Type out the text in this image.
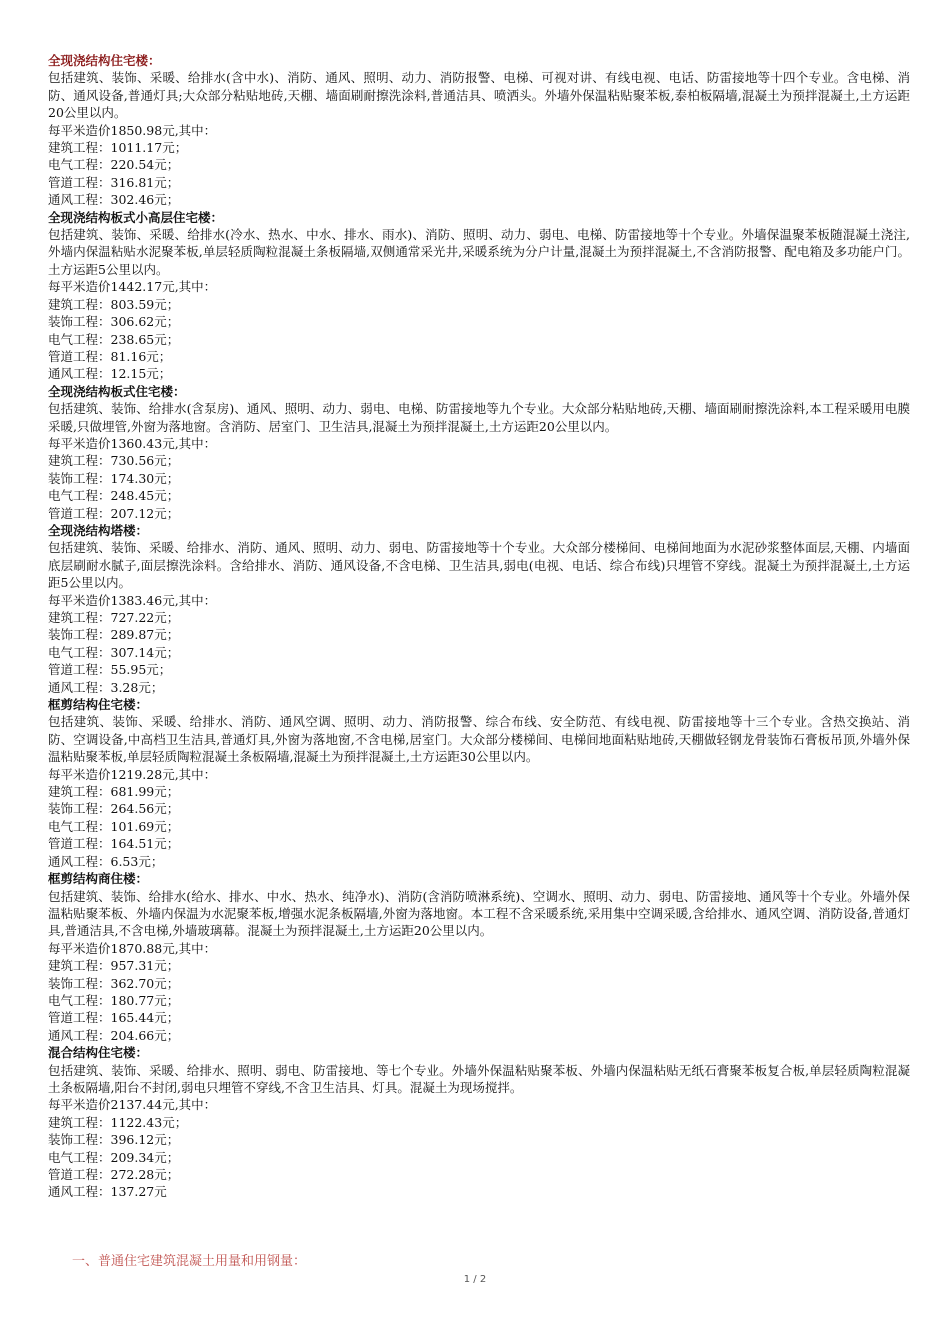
全现浇结构住宅楼：

包括建筑、装饰、采暖、给排水(含中水)、消防、通风、照明、动力、消防报警、电梯、可视对讲、有线电视、电话、防雷接地等十四个专业。含电梯、消防、通风设备,普通灯具;大众部分粘贴地砖,天棚、墙面刷耐擦洗涂料,普通洁具、喷洒头。外墙外保温粘贴聚苯板,泰柏板隔墙,混凝土为预拌混凝土,土方运距20公里以内。

每平米造价1850.98元,其中：

建筑工程：1011.17元；

电气工程：220.54元；

管道工程：316.81元；

通风工程：302.46元；

全现浇结构板式小高层住宅楼：

包括建筑、装饰、采暖、给排水(冷水、热水、中水、排水、雨水)、消防、照明、动力、弱电、电梯、防雷接地等十个专业。外墙保温聚苯板随混凝土浇注,外墙内保温粘贴水泥聚苯板,单层轻质陶粒混凝土条板隔墙,双侧通常采光井,采暖系统为分户计量,混凝土为预拌混凝土,不含消防报警、配电箱及多功能户门。土方运距5公里以内。

每平米造价1442.17元,其中：

建筑工程：803.59元；

装饰工程：306.62元；

电气工程：238.65元；

管道工程：81.16元；

通风工程：12.15元；

全现浇结构板式住宅楼：

包括建筑、装饰、给排水(含泵房)、通风、照明、动力、弱电、电梯、防雷接地等九个专业。大众部分粘贴地砖,天棚、墙面刷耐擦洗涂料,本工程采暖用电膜采暖,只做埋管,外窗为落地窗。含消防、居室门、卫生洁具,混凝土为预拌混凝土,土方运距20公里以内。

每平米造价1360.43元,其中：

建筑工程：730.56元；

装饰工程：174.30元；

电气工程：248.45元；

管道工程：207.12元；

全现浇结构塔楼：

包括建筑、装饰、采暖、给排水、消防、通风、照明、动力、弱电、防雷接地等十个专业。大众部分楼梯间、电梯间地面为水泥砂浆整体面层,天棚、内墙面底层刷耐水腻子,面层擦洗涂料。含给排水、消防、通风设备,不含电梯、卫生洁具,弱电(电视、电话、综合布线)只埋管不穿线。混凝土为预拌混凝土,土方运距5公里以内。

每平米造价1383.46元,其中：

建筑工程：727.22元；

装饰工程：289.87元；

电气工程：307.14元；

管道工程：55.95元；

通风工程：3.28元；

框剪结构住宅楼：

包括建筑、装饰、采暖、给排水、消防、通风空调、照明、动力、消防报警、综合布线、安全防范、有线电视、防雷接地等十三个专业。含热交换站、消防、空调设备,中高档卫生洁具,普通灯具,外窗为落地窗,不含电梯,居室门。大众部分楼梯间、电梯间地面粘贴地砖,天棚做轻钢龙骨装饰石膏板吊顶,外墙外保温粘贴聚苯板,单层轻质陶粒混凝土条板隔墙,混凝土为预拌混凝土,土方运距30公里以内。

每平米造价1219.28元,其中：

建筑工程：681.99元；

装饰工程：264.56元；

电气工程：101.69元；

管道工程：164.51元；

通风工程：6.53元；

框剪结构商住楼：

包括建筑、装饰、给排水(给水、排水、中水、热水、纯净水)、消防(含消防喷淋系统)、空调水、照明、动力、弱电、防雷接地、通风等十个专业。外墙外保温粘贴聚苯板、外墙内保温为水泥聚苯板,增强水泥条板隔墙,外窗为落地窗。本工程不含采暖系统,采用集中空调采暖,含给排水、通风空调、消防设备,普通灯具,普通洁具,不含电梯,外墙玻璃幕。混凝土为预拌混凝土,土方运距20公里以内。

每平米造价1870.88元,其中：

建筑工程：957.31元；

装饰工程：362.70元；

电气工程：180.77元；

管道工程：165.44元；

通风工程：204.66元；

混合结构住宅楼：

包括建筑、装饰、采暖、给排水、照明、弱电、防雷接地、等七个专业。外墙外保温粘贴聚苯板、外墙内保温粘贴无纸石膏聚苯板复合板,单层轻质陶粒混凝土条板隔墙,阳台不封闭,弱电只埋管不穿线,不含卫生洁具、灯具。混凝土为现场搅拌。

每平米造价2137.44元,其中：

建筑工程：1122.43元；

装饰工程：396.12元；

电气工程：209.34元；

管道工程：272.28元；

通风工程：137.27元

一、普通住宅建筑混凝土用量和用钢量：
1 / 2
